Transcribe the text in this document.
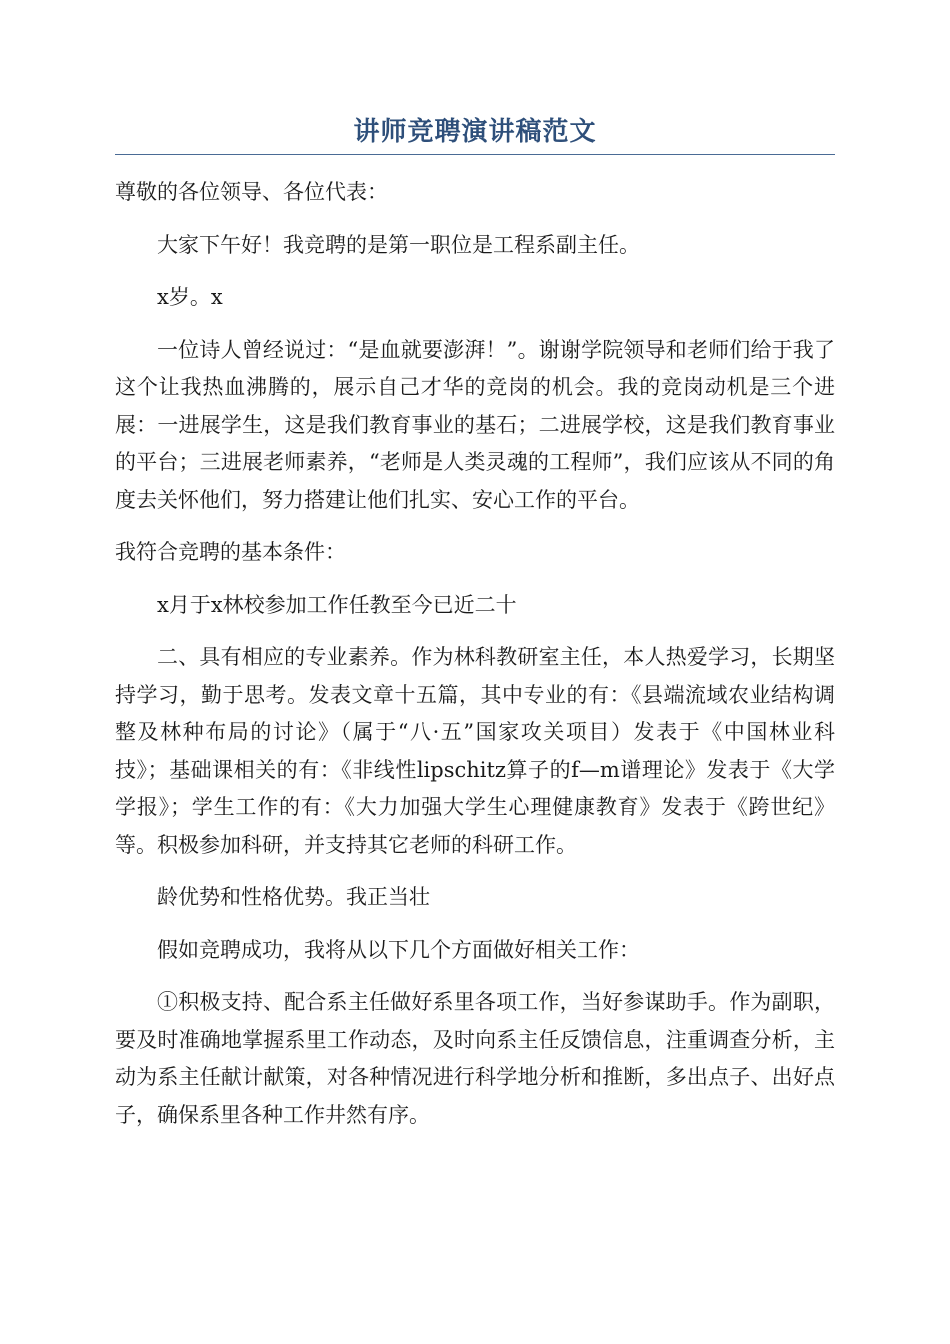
讲师竞聘演讲稿范文

尊敬的各位领导、各位代表：

大家下午好！我竞聘的是第一职位是工程系副主任。

x岁。x

一位诗人曾经说过：“是血就要澎湃！”。谢谢学院领导和老师们给于我了这个让我热血沸腾的，展示自己才华的竞岗的机会。我的竞岗动机是三个进展：一进展学生，这是我们教育事业的基石；二进展学校，这是我们教育事业的平台；三进展老师素养，“老师是人类灵魂的工程师”，我们应该从不同的角度去关怀他们，努力搭建让他们扎实、安心工作的平台。

我符合竞聘的基本条件：

x月于x林校参加工作任教至今已近二十

二、具有相应的专业素养。作为林科教研室主任，本人热爱学习，长期坚持学习，勤于思考。发表文章十五篇，其中专业的有：《县端流域农业结构调整及林种布局的讨论》（属于“八·五”国家攻关项目）发表于《中国林业科技》；基础课相关的有：《非线性lipschitz算子的f—m谱理论》发表于《大学学报》；学生工作的有：《大力加强大学生心理健康教育》发表于《跨世纪》等。积极参加科研，并支持其它老师的科研工作。

龄优势和性格优势。我正当壮

假如竞聘成功，我将从以下几个方面做好相关工作：

①积极支持、配合系主任做好系里各项工作，当好参谋助手。作为副职，要及时准确地掌握系里工作动态，及时向系主任反馈信息，注重调查分析，主动为系主任献计献策，对各种情况进行科学地分析和推断，多出点子、出好点子，确保系里各种工作井然有序。
